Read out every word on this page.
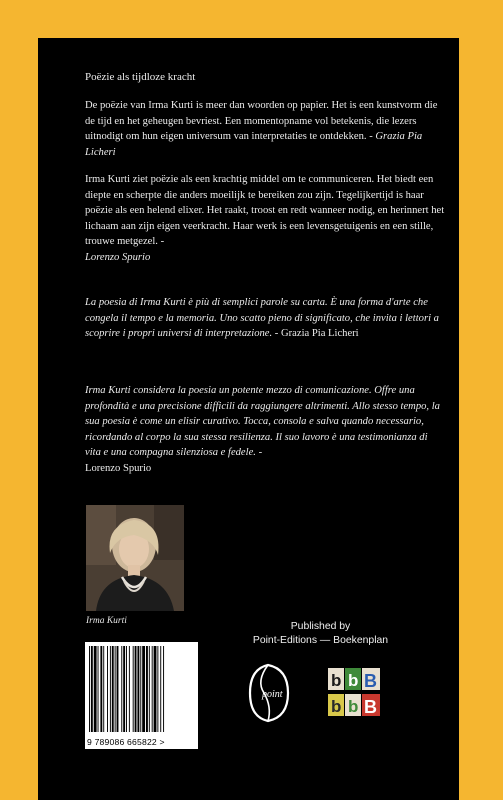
Poëzie als tijdloze kracht
De poëzie van Irma Kurti is meer dan woorden op papier. Het is een kunstvorm die de tijd en het geheugen bevriest. Een momentopname vol betekenis, die lezers uitnodigt om hun eigen universum van interpretaties te ontdekken. - Grazia Pia Licheri
Irma Kurti ziet poëzie als een krachtig middel om te communiceren. Het biedt een diepte en scherpte die anders moeilijk te bereiken zou zijn. Tegelijkertijd is haar poëzie als een helend elixer. Het raakt, troost en redt wanneer nodig, en herinnert het lichaam aan zijn eigen veerkracht. Haar werk is een levensgetuigenis en een stille, trouwe metgezel. -
Lorenzo Spurio
La poesia di Irma Kurti è più di semplici parole su carta. È una forma d'arte che congela il tempo e la memoria. Uno scatto pieno di significato, che invita i lettori a scoprire i propri universi di interpretazione. - Grazia Pia Licheri
Irma Kurti considera la poesia un potente mezzo di comunicazione. Offre una profondità e una precisione difficili da raggiungere altrimenti. Allo stesso tempo, la sua poesia è come un elisir curativo. Tocca, consola e salva quando necessario, ricordando al corpo la sua stessa resilienza. Il suo lavoro è una testimonianza di vita e una compagna silenziosa e fedele. -
Lorenzo Spurio
Irma Kurti	Published by
Point-Editions — Boekenplan
9 789086 665822 >
point
b b B
b b B
